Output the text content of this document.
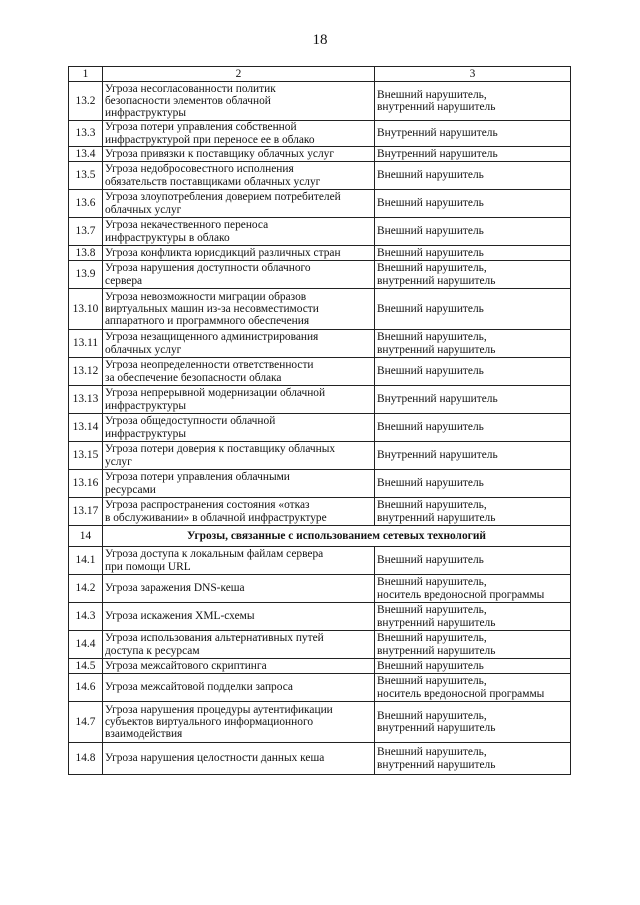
18
1	2	3
13.2	Угроза несогласованности политик
безопасности элементов облачной
инфраструктуры	Внешний нарушитель,
внутренний нарушитель
13.3	Угроза потери управления собственной
инфраструктурой при переносе ее в облако	Внутренний нарушитель
13.4	Угроза привязки к поставщику облачных услуг	Внутренний нарушитель
13.5	Угроза недобросовестного исполнения
обязательств поставщиками облачных услуг	Внешний нарушитель
13.6	Угроза злоупотребления доверием потребителей
облачных услуг	Внешний нарушитель
13.7	Угроза некачественного переноса
инфраструктуры в облако	Внешний нарушитель
13.8	Угроза конфликта юрисдикций различных стран	Внешний нарушитель
13.9	Угроза нарушения доступности облачного
сервера	Внешний нарушитель,
внутренний нарушитель
13.10	Угроза невозможности миграции образов
виртуальных машин из-за несовместимости
аппаратного и программного обеспечения	Внешний нарушитель
13.11	Угроза незащищенного администрирования
облачных услуг	Внешний нарушитель,
внутренний нарушитель
13.12	Угроза неопределенности ответственности
за обеспечение безопасности облака	Внешний нарушитель
13.13	Угроза непрерывной модернизации облачной
инфраструктуры	Внутренний нарушитель
13.14	Угроза общедоступности облачной
инфраструктуры	Внешний нарушитель
13.15	Угроза потери доверия к поставщику облачных
услуг	Внутренний нарушитель
13.16	Угроза потери управления облачными
ресурсами	Внешний нарушитель
13.17	Угроза распространения состояния «отказ
в обслуживании» в облачной инфраструктуре	Внешний нарушитель,
внутренний нарушитель
14	Угрозы, связанные с использованием сетевых технологий	
14.1	Угроза доступа к локальным файлам сервера
при помощи URL	Внешний нарушитель
14.2	Угроза заражения DNS-кеша	Внешний нарушитель,
носитель вредоносной программы
14.3	Угроза искажения XML-схемы	Внешний нарушитель,
внутренний нарушитель
14.4	Угроза использования альтернативных путей
доступа к ресурсам	Внешний нарушитель,
внутренний нарушитель
14.5	Угроза межсайтового скриптинга	Внешний нарушитель
14.6	Угроза межсайтовой подделки запроса	Внешний нарушитель,
носитель вредоносной программы
14.7	Угроза нарушения процедуры аутентификации
субъектов виртуального информационного
взаимодействия	Внешний нарушитель,
внутренний нарушитель
14.8	Угроза нарушения целостности данных кеша	Внешний нарушитель,
внутренний нарушитель
